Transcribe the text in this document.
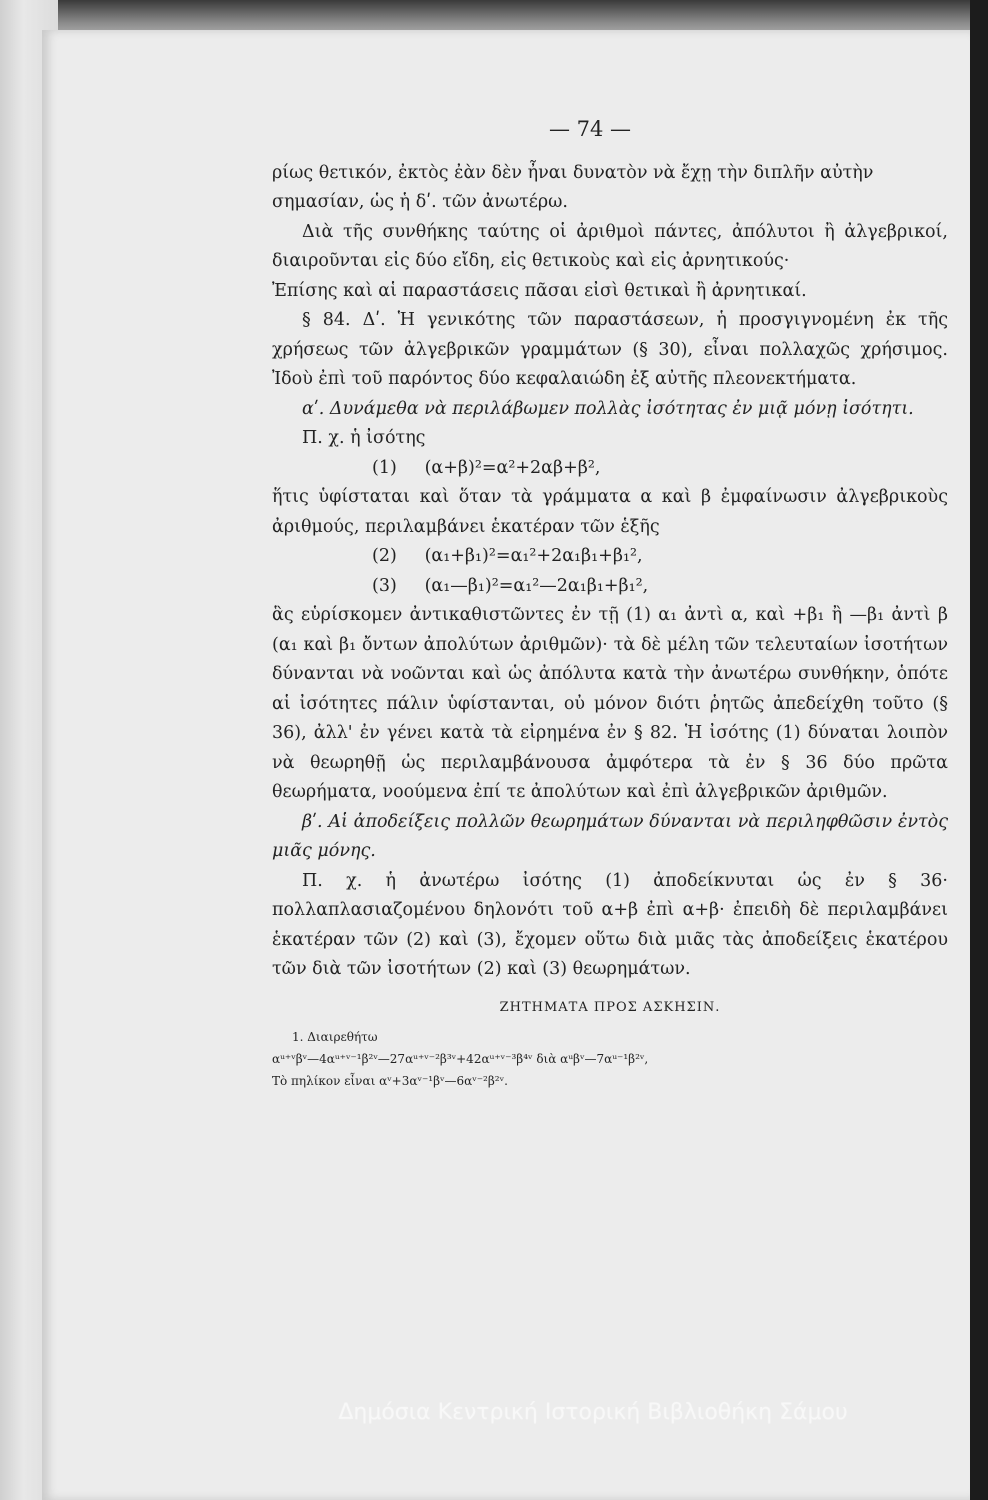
— 74 —

ρίως θετικόν, ἐκτὸς ἐὰν δὲν ἦναι δυνατὸν νὰ ἔχῃ τὴν διπλῆν αὐτὴν

σημασίαν, ὡς ἡ δʹ. τῶν ἀνωτέρω.

Διὰ τῆς συνθήκης ταύτης οἱ ἀριθμοὶ πάντες, ἀπόλυτοι ἢ ἀλγεβρικοί, διαιροῦνται εἰς δύο εἴδη, εἰς θετικοὺς καὶ εἰς ἀρνητικούς·

Ἐπίσης καὶ αἱ παραστάσεις πᾶσαι εἰσὶ θετικαὶ ἢ ἀρνητικαί.

§ 84. Δʹ. Ἡ γενικότης τῶν παραστάσεων, ἡ προσγιγνομένη ἐκ τῆς χρήσεως τῶν ἀλγεβρικῶν γραμμάτων (§ 30), εἶναι πολλαχῶς χρήσιμος. Ἰδοὺ ἐπὶ τοῦ παρόντος δύο κεφαλαιώδη ἐξ αὐτῆς πλεονεκτήματα.

αʹ. Δυνάμεθα νὰ περιλάβωμεν πολλὰς ἰσότητας ἐν μιᾷ μόνῃ ἰσότητι.

Π. χ. ἡ ἰσότης

(1)     (α+β)²=α²+2αβ+β²,

ἥτις ὑφίσταται καὶ ὅταν τὰ γράμματα α καὶ β ἐμφαίνωσιν ἀλγεβρικοὺς ἀριθμούς, περιλαμβάνει ἑκατέραν τῶν ἑξῆς

(2)     (α₁+β₁)²=α₁²+2α₁β₁+β₁²,

(3)     (α₁—β₁)²=α₁²—2α₁β₁+β₁²,

ἃς εὑρίσκομεν ἀντικαθιστῶντες ἐν τῇ (1) α₁ ἀντὶ α, καὶ +β₁ ἢ —β₁ ἀντὶ β (α₁ καὶ β₁ ὄντων ἀπολύτων ἀριθμῶν)· τὰ δὲ μέλη τῶν τελευταίων ἰσοτήτων δύνανται νὰ νοῶνται καὶ ὡς ἀπόλυτα κατὰ τὴν ἀνωτέρω συνθήκην, ὁπότε αἱ ἰσότητες πάλιν ὑφίστανται, οὐ μόνον διότι ῥητῶς ἀπεδείχθη τοῦτο (§ 36), ἀλλ' ἐν γένει κατὰ τὰ εἰρημένα ἐν § 82. Ἡ ἰσότης (1) δύναται λοιπὸν νὰ θεωρηθῇ ὡς περιλαμβάνουσα ἀμφότερα τὰ ἐν § 36 δύο πρῶτα θεωρήματα, νοούμενα ἐπί τε ἀπολύτων καὶ ἐπὶ ἀλγεβρικῶν ἀριθμῶν.

βʹ. Αἱ ἀποδείξεις πολλῶν θεωρημάτων δύνανται νὰ περιληφθῶσιν ἐντὸς μιᾶς μόνης.

Π. χ. ἡ ἀνωτέρω ἰσότης (1) ἀποδείκνυται ὡς ἐν § 36· πολλαπλασιαζομένου δηλονότι τοῦ α+β ἐπὶ α+β· ἐπειδὴ δὲ περιλαμβάνει ἑκατέραν τῶν (2) καὶ (3), ἔχομεν οὕτω διὰ μιᾶς τὰς ἀποδείξεις ἑκατέρου τῶν διὰ τῶν ἰσοτήτων (2) καὶ (3) θεωρημάτων.

ΖΗΤΗΜΑΤΑ ΠΡΟΣ ΑΣΚΗΣΙΝ.

1. Διαιρεθήτω

αᵘ⁺ᵛβᵛ—4αᵘ⁺ᵛ⁻¹β²ᵛ—27αᵘ⁺ᵛ⁻²β³ᵛ+42αᵘ⁺ᵛ⁻³β⁴ᵛ διὰ αᵘβᵛ—7αᵘ⁻¹β²ᵛ,

Τὸ πηλίκον εἶναι αᵛ+3αᵛ⁻¹βᵛ—6αᵛ⁻²β²ᵛ.

Δημόσια Κεντρική Ιστορική Βιβλιοθήκη Σάμου
